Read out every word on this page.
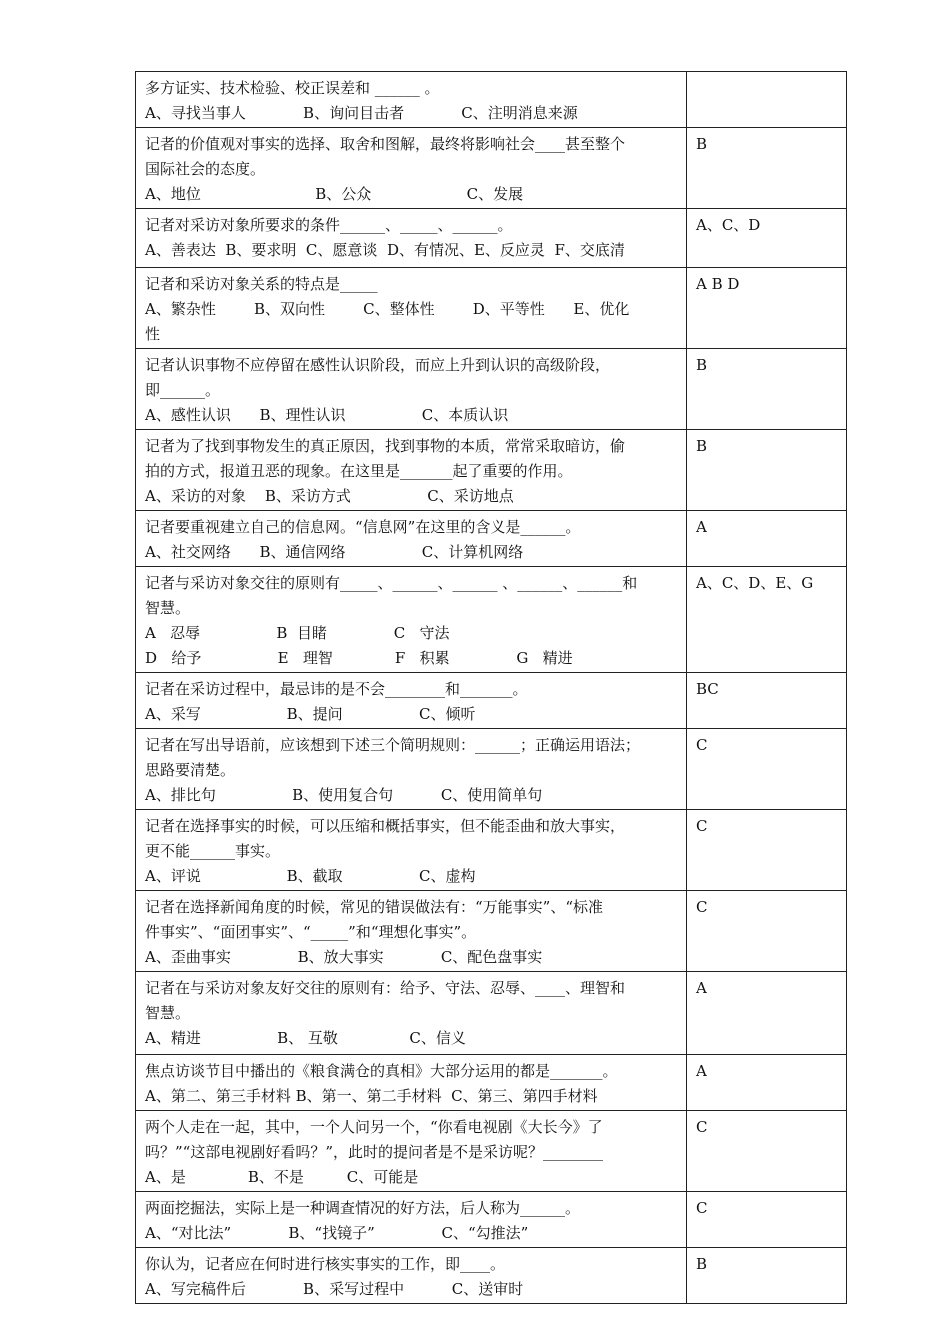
多方证实、技术检验、校正误差和 ______ 。
A、寻找当事人            B、询问目击者            C、注明消息来源	

记者的价值观对事实的选择、取舍和图解，最终将影响社会____甚至整个
国际社会的态度。
A、地位                        B、公众                    C、发展	B

记者对采访对象所要求的条件______、_____、______。
A、善表达  B、要求明  C、愿意谈  D、有情况、E、反应灵  F、交底清	A、C、D

记者和采访对象关系的特点是_____
A、繁杂性        B、双向性        C、整体性        D、平等性      E、优化
性	A B D

记者认识事物不应停留在感性认识阶段，而应上升到认识的高级阶段，
即______。
A、感性认识      B、理性认识                C、本质认识	B

记者为了找到事物发生的真正原因，找到事物的本质，常常采取暗访，偷
拍的方式，报道丑恶的现象。在这里是_______起了重要的作用。
A、采访的对象    B、采访方式                C、采访地点	B

记者要重视建立自己的信息网。“信息网”在这里的含义是______。
A、社交网络      B、通信网络                C、计算机网络	A

记者与采访对象交往的原则有_____、______、______ 、______、______和
智慧。
A   忍辱                B  目睹              C   守法
D   给予                E   理智             F   积累              G   精进	A、C、D、E、G

记者在采访过程中，最忌讳的是不会________和_______。
A、采写                  B、提问                C、倾听	BC

记者在写出导语前，应该想到下述三个简明规则：______；正确运用语法；
思路要清楚。
A、排比句                B、使用复合句          C、使用简单句	C

记者在选择事实的时候，可以压缩和概括事实，但不能歪曲和放大事实，
更不能______事实。
A、评说                  B、截取                C、虚构	C

记者在选择新闻角度的时候，常见的错误做法有：“万能事实”、“标准
件事实”、“面团事实”、“_____”和“理想化事实”。
A、歪曲事实              B、放大事实            C、配色盘事实	C

记者在与采访对象友好交往的原则有：给予、守法、忍辱、____、理智和
智慧。
A、精进                B、 互敬               C、信义	A

焦点访谈节目中播出的《粮食满仓的真相》大部分运用的都是_______。
A、第二、第三手材料 B、第一、第二手材料  C、第三、第四手材料	A

两个人走在一起，其中，一个人问另一个，“你看电视剧《大长今》了
吗？”“这部电视剧好看吗？”，此时的提问者是不是采访呢？________
A、是             B、不是         C、可能是	C

两面挖掘法，实际上是一种调查情况的好方法，后人称为______。
A、“对比法”            B、“找镜子”              C、“勾推法”	C

你认为，记者应在何时进行核实事实的工作，即____。
A、写完稿件后            B、采写过程中          C、送审时	B
